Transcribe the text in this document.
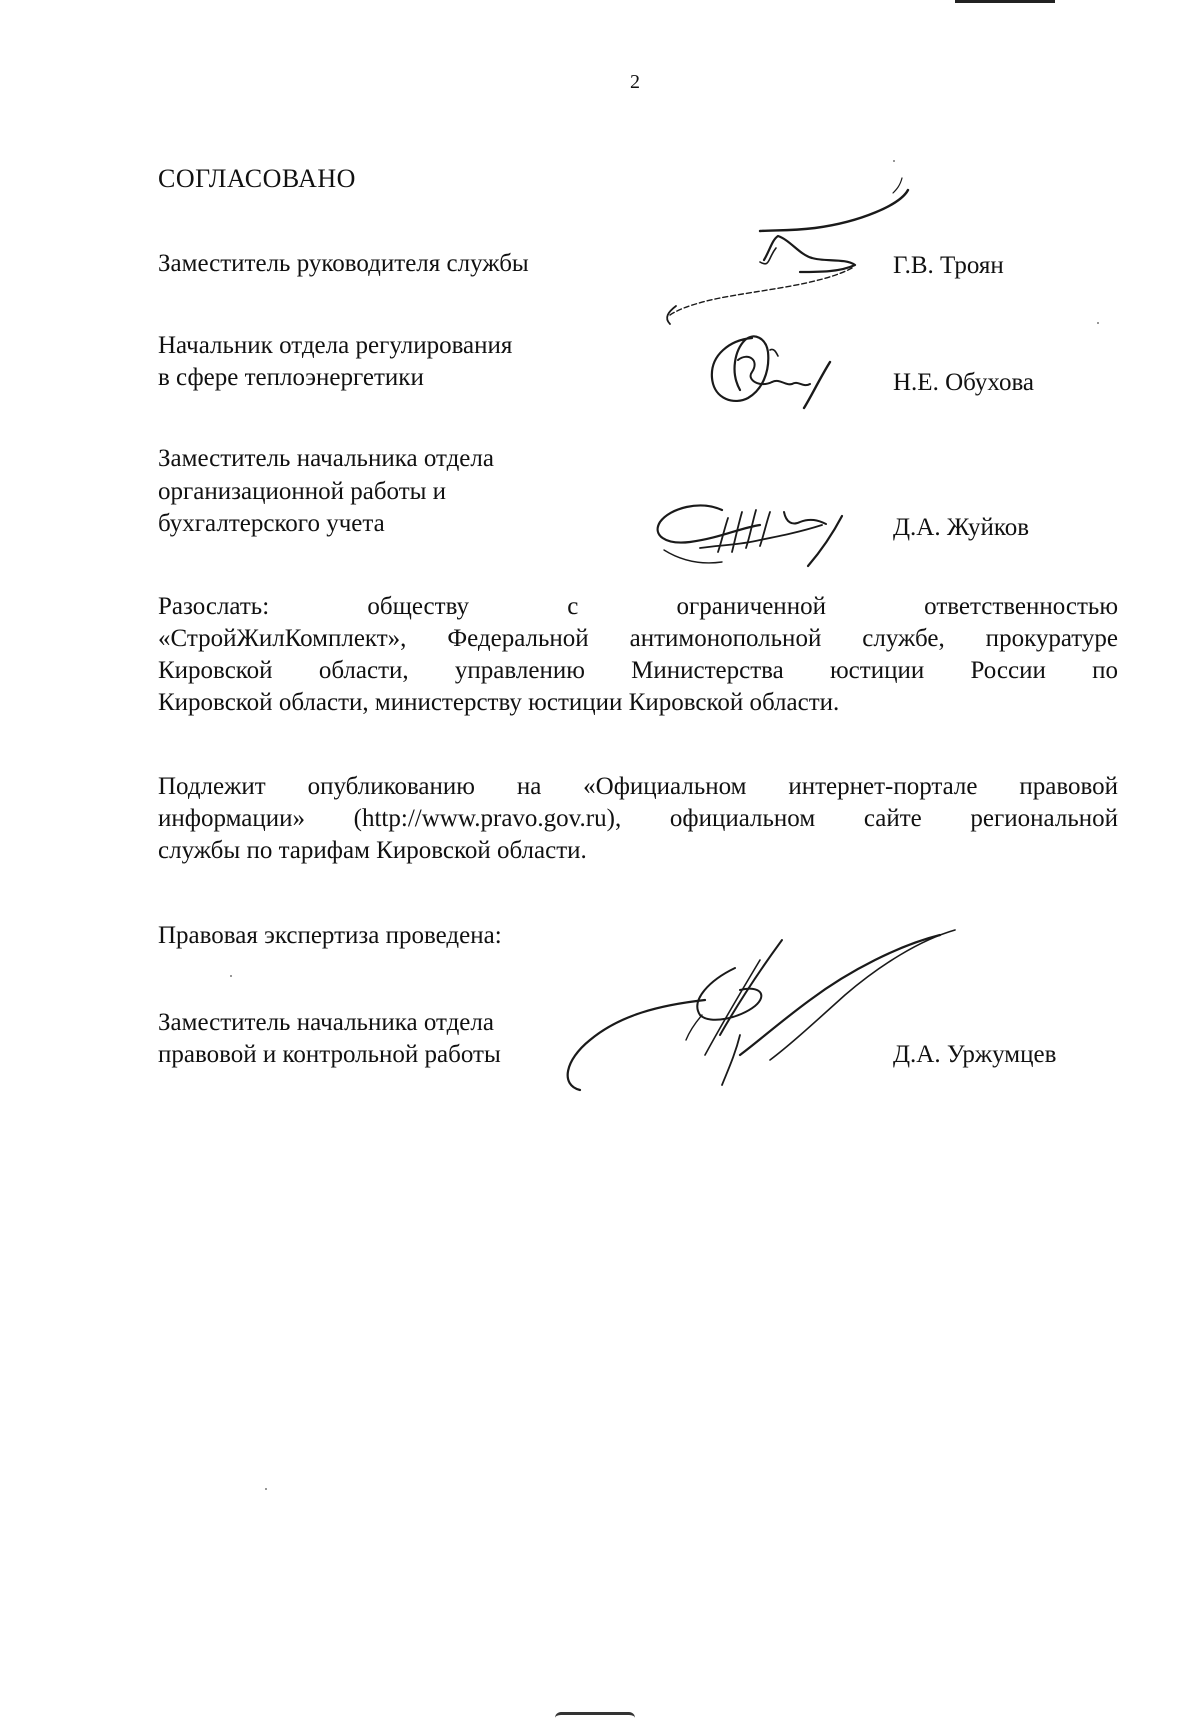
2
СОГЛАСОВАНО
Заместитель руководителя службы	Г.В. Троян
Начальник отдела регулирования
в сфере теплоэнергетики	Н.Е. Обухова
Заместитель начальника отдела
организационной работы и
бухгалтерского учета	Д.А. Жуйков
Разослать: обществу с ограниченной ответственностью
«СтройЖилКомплект», Федеральной антимонопольной службе, прокуратуре
Кировской области, управлению Министерства юстиции России по
Кировской области, министерству юстиции Кировской области.
Подлежит опубликованию на «Официальном интернет-портале правовой
информации» (http://www.pravo.gov.ru), официальном сайте региональной
службы по тарифам Кировской области.
Правовая экспертиза проведена:
Заместитель начальника отдела
правовой и контрольной работы	Д.А. Уржумцев
